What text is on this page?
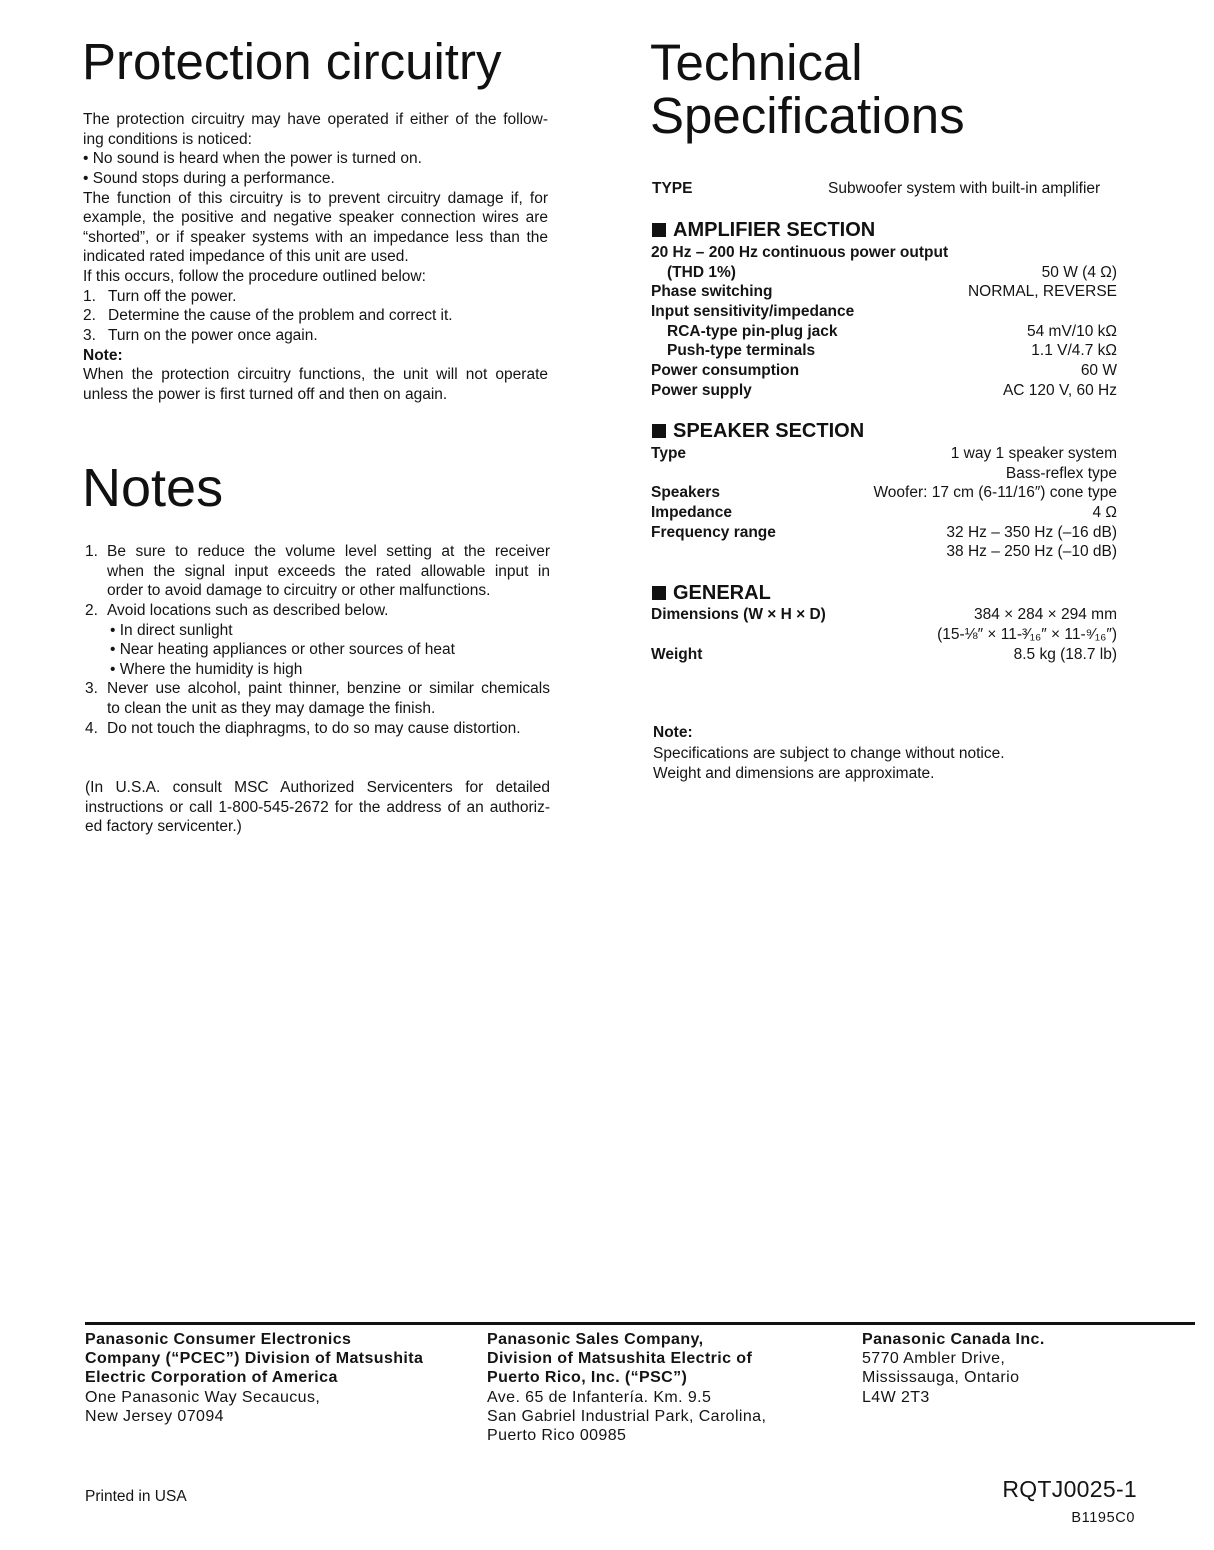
Protection circuitry
The protection circuitry may have operated if either of the follow-
ing conditions is noticed:
• No sound is heard when the power is turned on.
• Sound stops during a performance.
The function of this circuitry is to prevent circuitry damage if, for
example, the positive and negative speaker connection wires are
“shorted”, or if speaker systems with an impedance less than the
indicated rated impedance of this unit are used.
If this occurs, follow the procedure outlined below:
1. Turn off the power.
2. Determine the cause of the problem and correct it.
3. Turn on the power once again.
Note:
When the protection circuitry functions, the unit will not operate
unless the power is first turned off and then on again.
Notes
1. Be sure to reduce the volume level setting at the receiver
when the signal input exceeds the rated allowable input in
order to avoid damage to circuitry or other malfunctions.
2. Avoid locations such as described below.
• In direct sunlight
• Near heating appliances or other sources of heat
• Where the humidity is high
3. Never use alcohol, paint thinner, benzine or similar chemicals
to clean the unit as they may damage the finish.
4. Do not touch the diaphragms, to do so may cause distortion.
(In U.S.A. consult MSC Authorized Servicenters for detailed
instructions or call 1-800-545-2672 for the address of an authoriz-
ed factory servicenter.)
Technical
Specifications
TYPE	Subwoofer system with built-in amplifier
AMPLIFIER SECTION
20 Hz – 200 Hz continuous power output
(THD 1%)	50 W (4 Ω)
Phase switching	NORMAL, REVERSE
Input sensitivity/impedance
RCA-type pin-plug jack	54 mV/10 kΩ
Push-type terminals	1.1 V/4.7 kΩ
Power consumption	60 W
Power supply	AC 120 V, 60 Hz
SPEAKER SECTION
Type	1 way 1 speaker system
Bass-reflex type
Speakers	Woofer: 17 cm (6-11/16″) cone type
Impedance	4 Ω
Frequency range	32 Hz – 350 Hz (–16 dB)
38 Hz – 250 Hz (–10 dB)
GENERAL
Dimensions (W × H × D)	384 × 284 × 294 mm
(15-⅛″ × 11-³⁄₁₆″ × 11-⁹⁄₁₆″)
Weight	8.5 kg (18.7 lb)
Note:
Specifications are subject to change without notice.
Weight and dimensions are approximate.
Panasonic Consumer Electronics
Company (“PCEC”) Division of Matsushita
Electric Corporation of America
One Panasonic Way Secaucus,
New Jersey 07094
Panasonic Sales Company,
Division of Matsushita Electric of
Puerto Rico, Inc. (“PSC”)
Ave. 65 de Infantería. Km. 9.5
San Gabriel Industrial Park, Carolina,
Puerto Rico 00985
Panasonic Canada Inc.
5770 Ambler Drive,
Mississauga, Ontario
L4W 2T3
Printed in USA	RQTJ0025-1
B1195C0
